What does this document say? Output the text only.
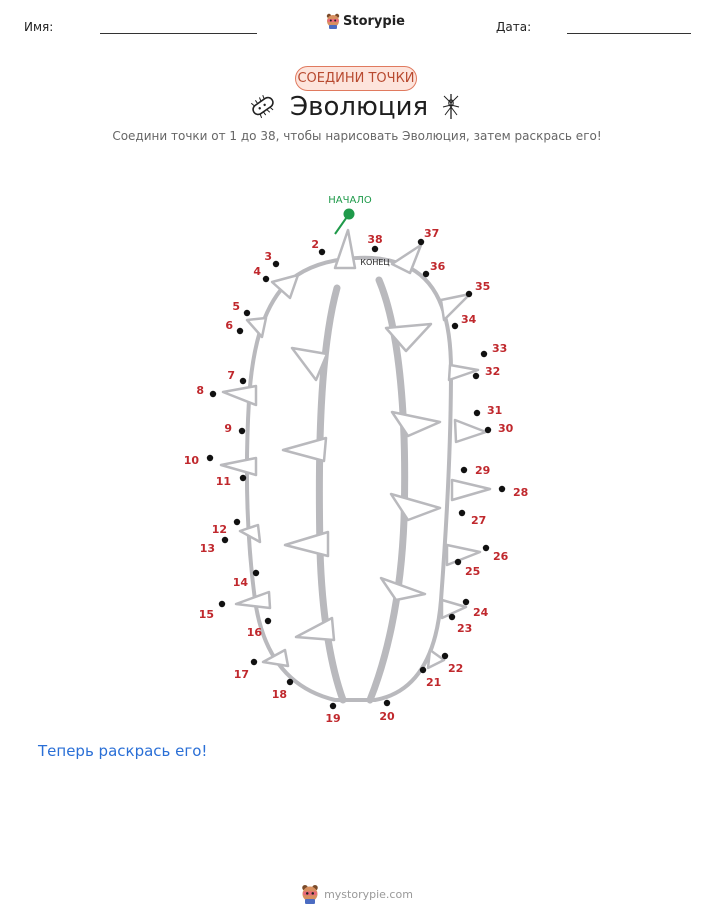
Имя:	Storypie	Дата:
СОЕДИНИ ТОЧКИ
Эволюция
Соедини точки от 1 до 38, чтобы нарисовать Эволюция, затем раскрась его!
НАЧАЛО
КОНЕЦ
2
3
4
5
6
7
8
9
10
11
12
13
14
15
16
17
18
19	20
21
22
23
24
25
26
27
28
29
30
31
32
33
34
35
36
37
38
Теперь раскрась его!
mystorypie.com
